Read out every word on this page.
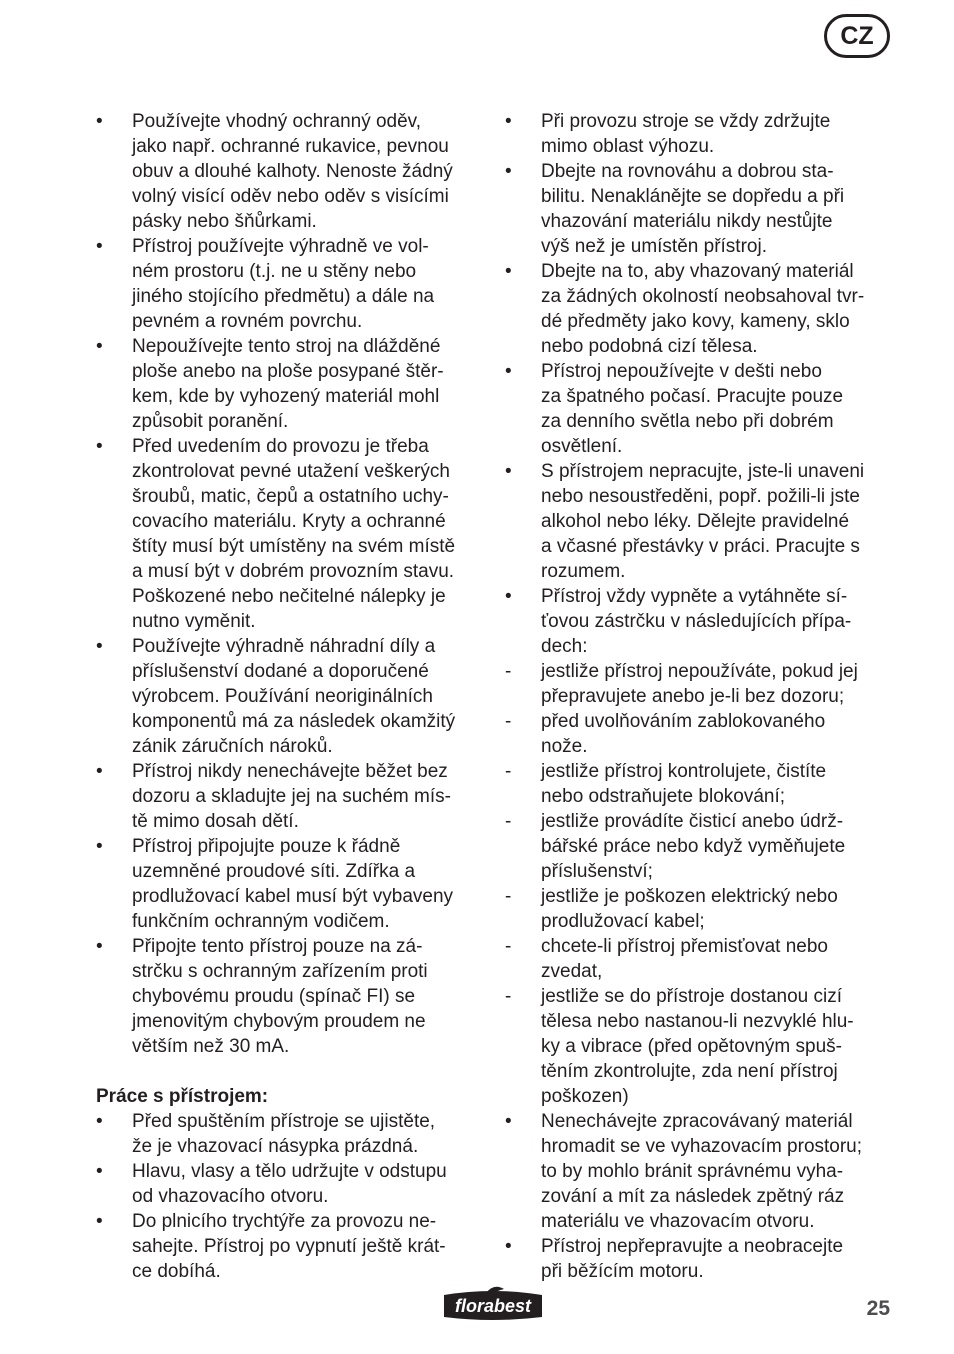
CZ
•	Používejte vhodný ochranný oděv,
jako např. ochranné rukavice, pevnou
obuv a dlouhé kalhoty. Nenoste žádný
volný visící oděv nebo oděv s visícími
pásky nebo šňůrkami.
•	Přístroj používejte výhradně ve vol-
ném prostoru (t.j. ne u stěny nebo
jiného stojícího předmětu) a dále na
pevném a rovném povrchu.
•	Nepoužívejte tento stroj na dlážděné
ploše anebo na ploše posypané štěr-
kem, kde by vyhozený materiál mohl
způsobit poranění.
•	Před uvedením do provozu je třeba
zkontrolovat pevné utažení veškerých
šroubů, matic, čepů a ostatního uchy-
covacího materiálu. Kryty a ochranné
štíty musí být umístěny na svém místě
a musí být v dobrém provozním stavu.
Poškozené nebo nečitelné nálepky je
nutno vyměnit.
•	Používejte výhradně náhradní díly a
příslušenství dodané a doporučené
výrobcem. Používání neoriginálních
komponentů má za následek okamžitý
zánik záručních nároků.
•	Přístroj nikdy nenechávejte běžet bez
dozoru a skladujte jej na suchém mís-
tě mimo dosah dětí.
•	Přístroj připojujte pouze k řádně
uzemněné proudové síti. Zdířka a
prodlužovací kabel musí být vybaveny
funkčním ochranným vodičem.
•	Připojte tento přístroj pouze na zá-
strčku s ochranným zařízením proti
chybovému proudu (spínač FI) se
jmenovitým chybovým proudem ne
větším než 30 mA.
Práce s přístrojem:
•	Před spuštěním přístroje se ujistěte,
že je vhazovací násypka prázdná.
•	Hlavu, vlasy a tělo udržujte v odstupu
od vhazovacího otvoru.
•	Do plnicího trychtýře za provozu ne-
sahejte. Přístroj po vypnutí ještě krát-
ce dobíhá.
•	Při provozu stroje se vždy zdržujte
mimo oblast výhozu.
•	Dbejte na rovnováhu a dobrou sta-
bilitu. Nenaklánějte se dopředu a při
vhazování materiálu nikdy nestůjte
výš než je umístěn přístroj.
•	Dbejte na to, aby vhazovaný materiál
za žádných okolností neobsahoval tvr-
dé předměty jako kovy, kameny, sklo
nebo podobná cizí tělesa.
•	Přístroj nepoužívejte v dešti nebo
za špatného počasí. Pracujte pouze
za denního světla nebo při dobrém
osvětlení.
•	S přístrojem nepracujte, jste-li unaveni
nebo nesoustředěni, popř. požili-li jste
alkohol nebo léky. Dělejte pravidelné
a včasné přestávky v práci. Pracujte s
rozumem.
•	Přístroj vždy vypněte a vytáhněte sí-
ťovou zástrčku v následujících přípa-
dech:
-	jestliže přístroj nepoužíváte, pokud jej
přepravujete anebo je-li bez dozoru;
-	před uvolňováním zablokovaného
nože.
-	jestliže přístroj kontrolujete, čistíte
nebo odstraňujete blokování;
-	jestliže provádíte čisticí anebo údrž-
bářské práce nebo když vyměňujete
příslušenství;
-	jestliže je poškozen elektrický nebo
prodlužovací kabel;
-	chcete-li přístroj přemisťovat nebo
zvedat,
-	jestliže se do přístroje dostanou cizí
tělesa nebo nastanou-li nezvyklé hlu-
ky a vibrace (před opětovným spuš-
těním zkontrolujte, zda není přístroj
poškozen)
•	Nenechávejte zpracovávaný materiál
hromadit se ve vyhazovacím prostoru;
to by mohlo bránit správnému vyha-
zování a mít za následek zpětný ráz
materiálu ve vhazovacím otvoru.
•	Přístroj nepřepravujte a neobracejte
při běžícím motoru.
florabest	25
